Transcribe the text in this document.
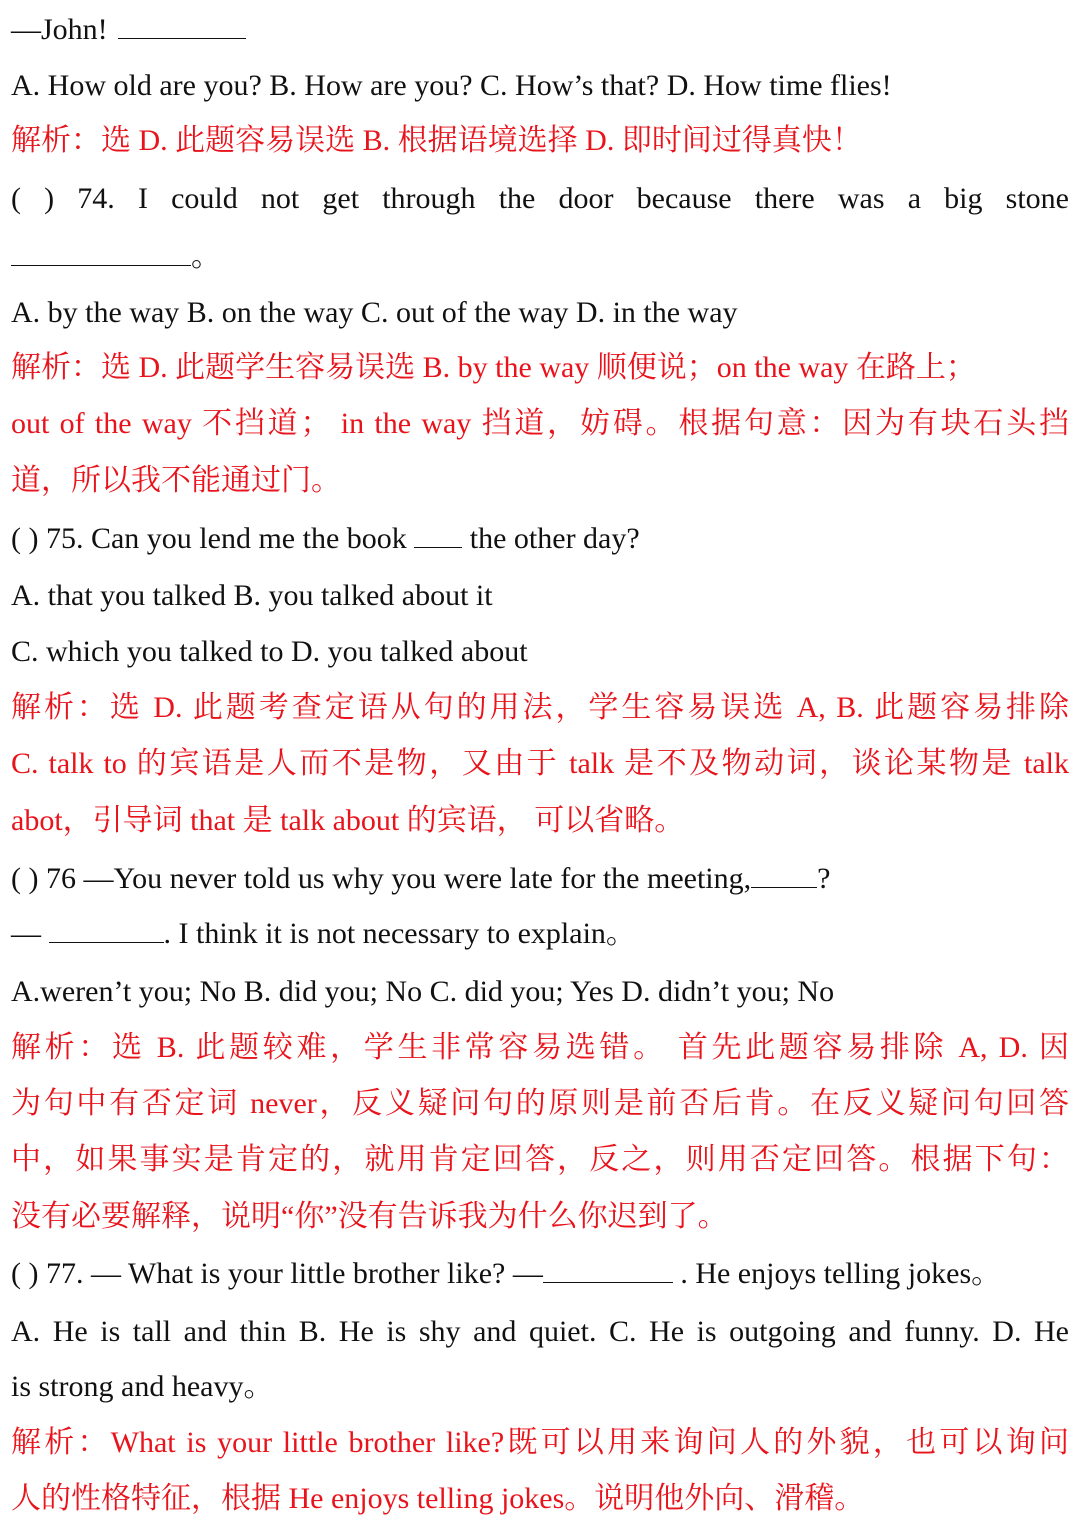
—John!
A. How old are you? B. How are you? C. How’s that? D. How time flies!
解析：选 D. 此题容易误选 B. 根据语境选择 D. 即时间过得真快！
( ) 74. I could not get through the door because there was a big stone
。
A. by the way B. on the way C. out of the way D. in the way
解析：选 D. 此题学生容易误选 B. by the way 顺便说；on the way 在路上；
out of the way 不挡道； in the way 挡道，妨碍。根据句意：因为有块石头挡
道，所以我不能通过门。
( ) 75. Can you lend me the book  the other day?
A. that you talked B. you talked about it
C. which you talked to D. you talked about
解析：选 D. 此题考查定语从句的用法，学生容易误选 A, B. 此题容易排除
C. talk to 的宾语是人而不是物，又由于 talk 是不及物动词，谈论某物是 talk
abot，引导词 that 是 talk about 的宾语， 可以省略。
( ) 76 —You never told us why you were late for the meeting, ?
—	. I think it is not necessary to explain。
A.weren’t you; No B. did you; No C. did you; Yes D. didn’t you; No
解析：选 B. 此题较难，学生非常容易选错。 首先此题容易排除 A, D. 因
为句中有否定词 never，反义疑问句的原则是前否后肯。在反义疑问句回答
中，如果事实是肯定的，就用肯定回答，反之，则用否定回答。根据下句：
没有必要解释，说明“你”没有告诉我为什么你迟到了。
( ) 77. — What is your little brother like? —	. He enjoys telling jokes。
A. He is tall and thin B. He is shy and quiet. C. He is outgoing and funny. D. He
is strong and heavy。
解析：What is your little brother like?既可以用来询问人的外貌，也可以询问
人的性格特征，根据 He enjoys telling jokes。说明他外向、滑稽。
